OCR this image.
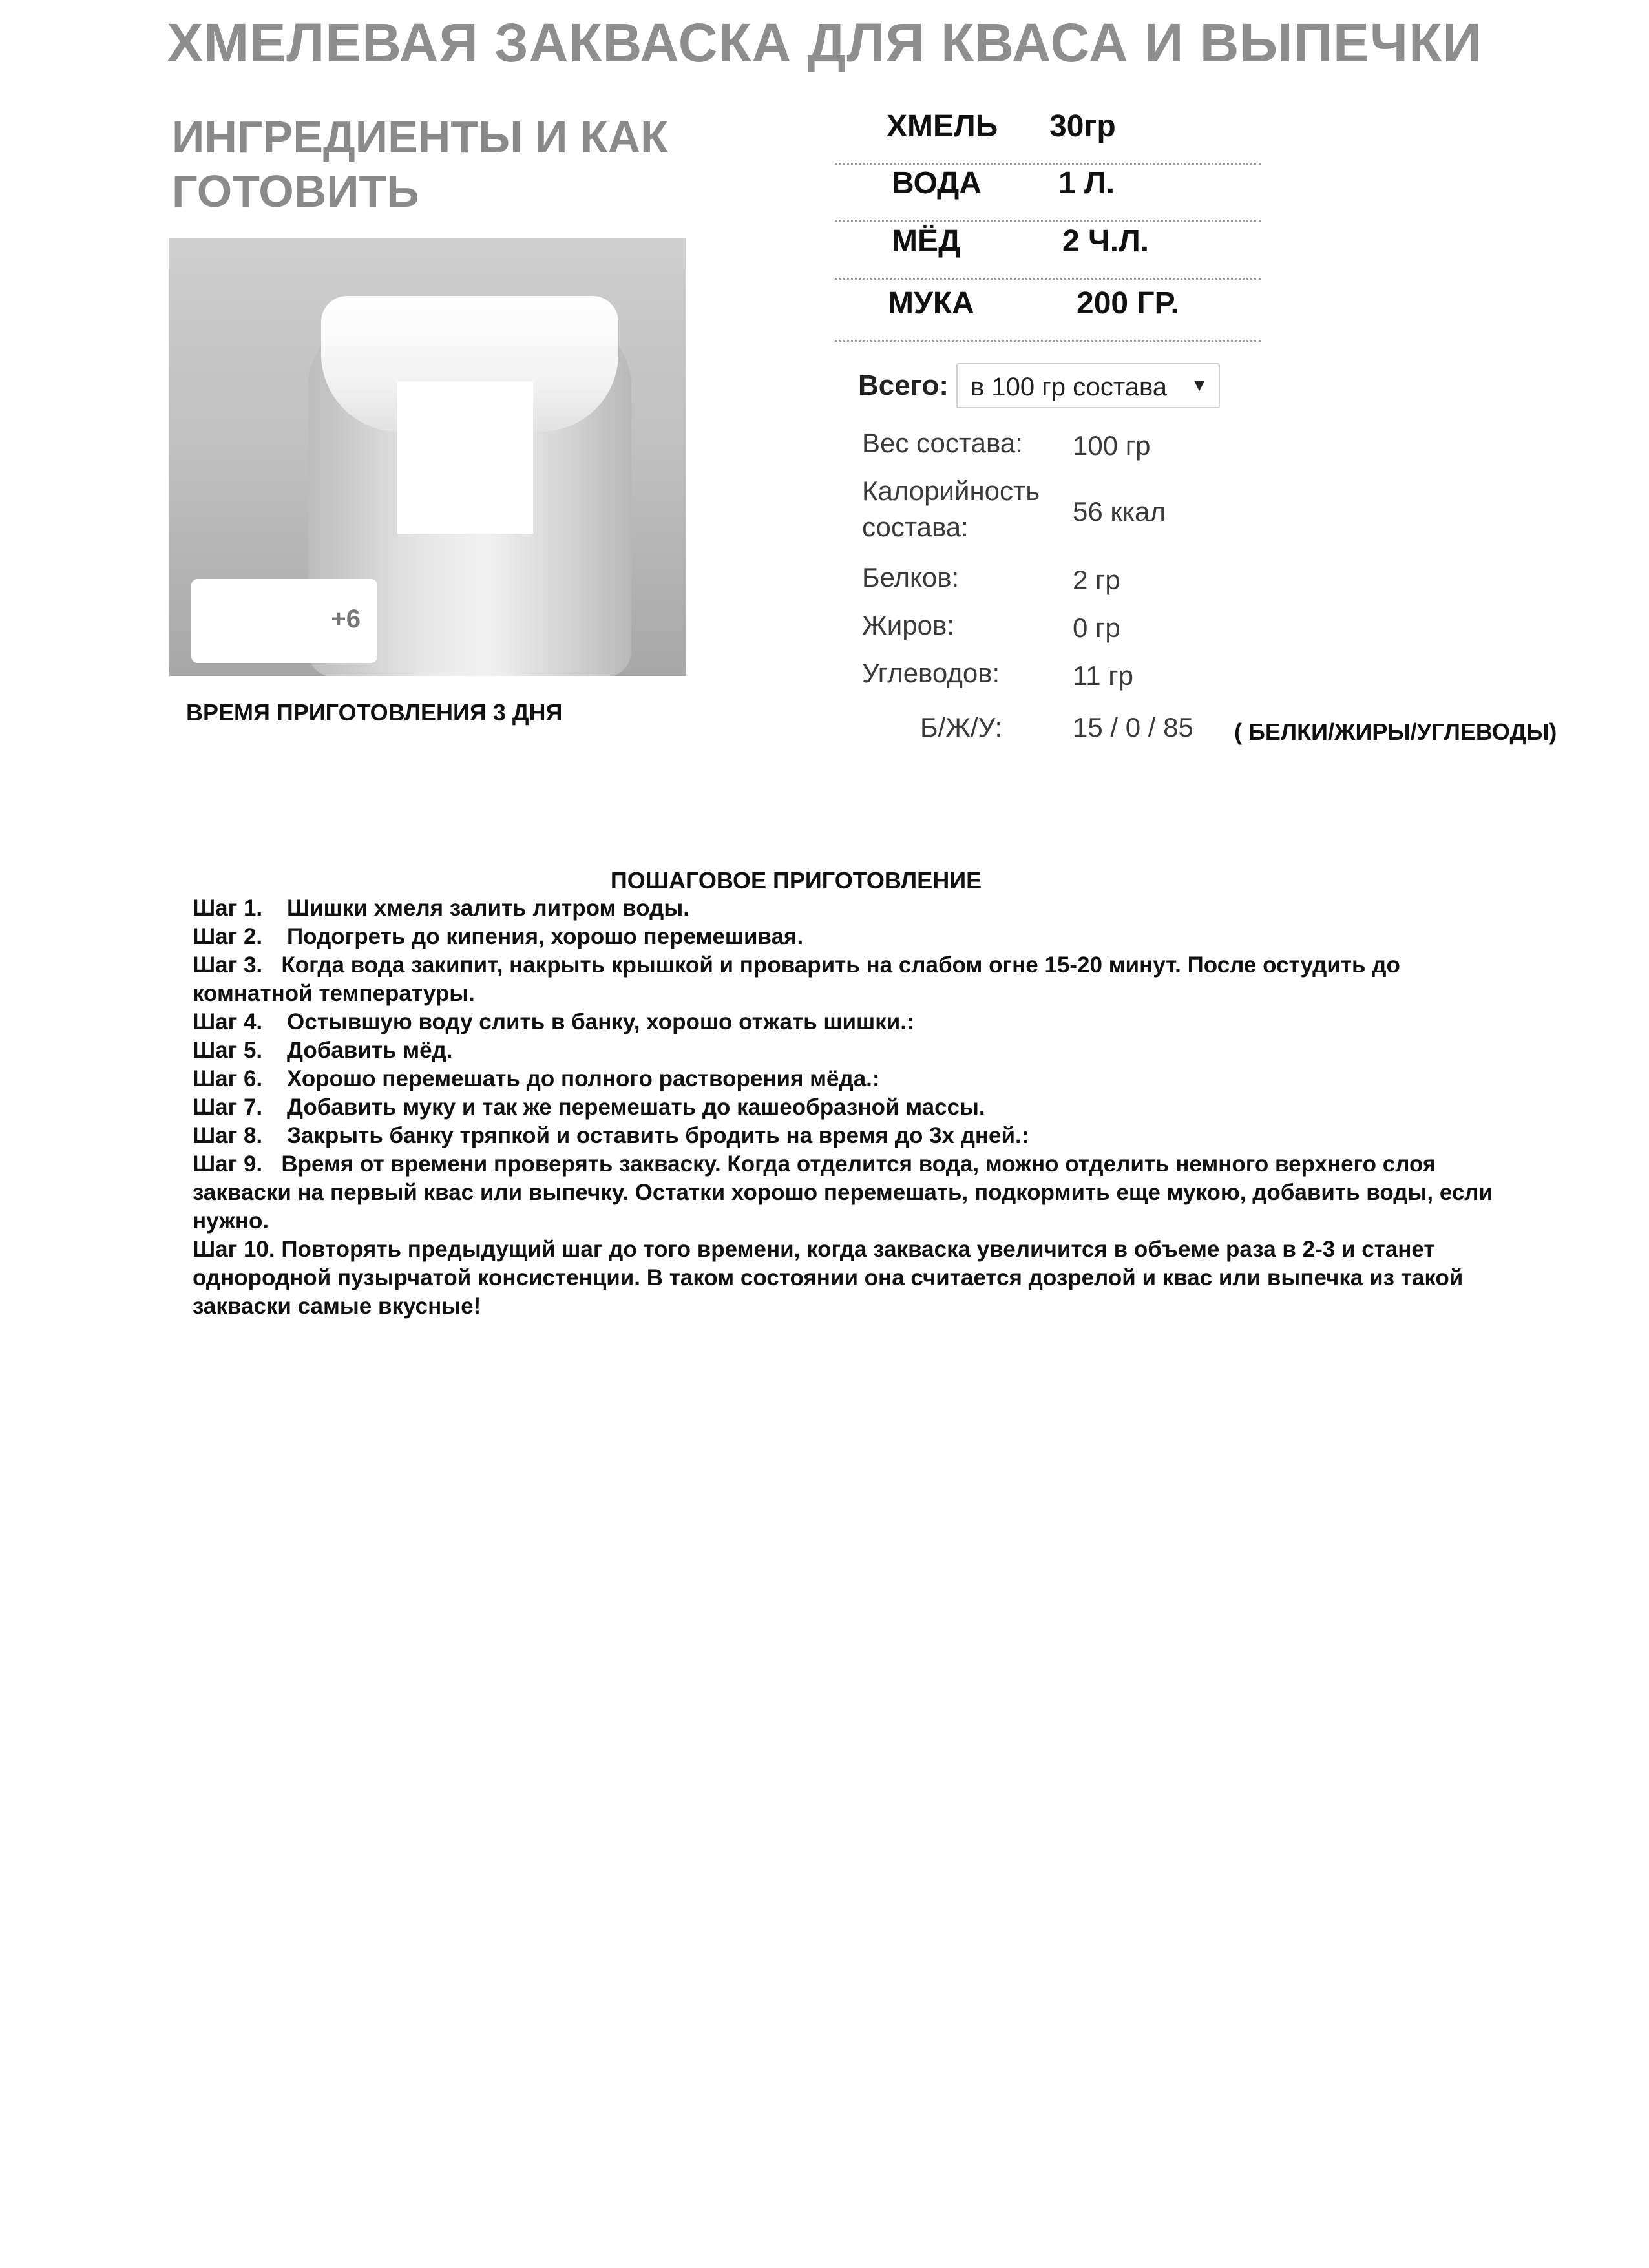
ХМЕЛЕВАЯ ЗАКВАСКА ДЛЯ КВАСА И ВЫПЕЧКИ
ИНГРЕДИЕНТЫ И КАК ГОТОВИТЬ
+6
ВРЕМЯ ПРИГОТОВЛЕНИЯ 3 ДНЯ
ХМЕЛЬ 30гр
ВОДА 1 Л.
МЁД	2 Ч.Л.
МУКА	200 ГР.
Всего: в 100 гр состава ▼
Вес состава: 100 гр
Калорийность состава:
56 ккал
Белков:	2 гр
Жиров:	0 гр
Углеводов:	11 гр
Б/Ж/У:	15 / 0 / 85 ( БЕЛКИ/ЖИРЫ/УГЛЕВОДЫ)
ПОШАГОВОЕ ПРИГОТОВЛЕНИЕ
Шаг 1.	Шишки хмеля залить литром воды.
Шаг 2.	Подогреть до кипения, хорошо перемешивая.
Шаг 3. Когда вода закипит, накрыть крышкой и проварить на слабом огне 15-20 минут. После остудить до комнатной температуры.
Шаг 4.	Остывшую воду слить в банку, хорошо отжать шишки.:
Шаг 5.	Добавить мёд.
Шаг 6.	Хорошо перемешать до полного растворения мёда.:
Шаг 7.	Добавить муку и так же перемешать до кашеобразной массы.
Шаг 8.	Закрыть банку тряпкой и оставить бродить на время до 3х дней.:
Шаг 9. Время от времени проверять закваску. Когда отделится вода, можно отделить немного верхнего слоя закваски на первый квас или выпечку. Остатки хорошо перемешать, подкормить еще мукою, добавить воды, если нужно.
Шаг 10. Повторять предыдущий шаг до того времени, когда закваска увеличится в объеме раза в 2-3 и станет однородной пузырчатой консистенции. В таком состоянии она считается дозрелой и квас или выпечка из такой закваски самые вкусные!
